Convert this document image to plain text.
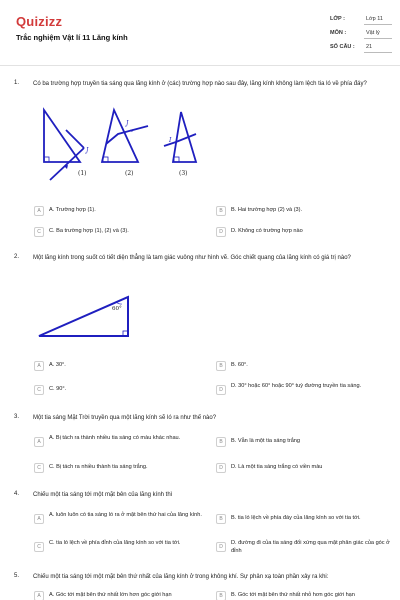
Quizizz
Trắc nghiệm Vật lí 11 Lăng kính
LỚP :	Lớp 11
MÔN :	Vật lý
SỐ CÂU : 21
1. Có ba trường hợp truyền tia sáng qua lăng kính ở (các) trường hợp nào sau đây, lăng kính không làm lệch tia ló về phía đáy?
J
J
I
(1)	(2)	(3)
A	A. Trường hợp (1).	B	B. Hai trường hợp (2) và (3).
C	C. Ba trường hợp (1), (2) và (3).	D	D. Không có trường hợp nào
2. Một lăng kính trong suốt có tiết diện thẳng là tam giác vuông như hình vẽ. Góc chiết quang của lăng kính có giá trị nào?
60°
A	A. 30°.	B	B. 60°.
C	C. 90°.	D
D. 30° hoặc 60° hoặc 90° tuỳ đường truyền tia sáng.
3. Một tia sáng Mặt Trời truyền qua một lăng kính sẽ ló ra như thế nào?
A
A. Bị tách ra thành nhiều tia sáng có màu khác nhau.
B	B. Vẫn là một tia sáng trắng
C	C. Bị tách ra nhiều thành tia sáng trắng.	D	D. Là một tia sáng trắng có viền màu
4. Chiếu một tia sáng tới một mặt bên của lăng kính thì
A
A. luôn luôn có tia sáng ló ra ở mặt bên thứ hai của lăng kính.
B	B. tia ló lệch về phía đáy của lăng kính so với tia tới.
C
C. tia ló lệch về phía đỉnh của lăng kính so với tia tới.
D
D. đường đi của tia sáng đối xứng qua mặt phân giác của góc ở đỉnh
5. Chiếu một tia sáng tới một mặt bên thứ nhất của lăng kính ở trong không khí. Sự phản xạ toàn phần xảy ra khi:
A	A. Góc tới mặt bên thứ nhất lớn hơn góc giới hạn	B	B. Góc tới mặt bên thứ nhất nhỏ hơn góc giới hạn
